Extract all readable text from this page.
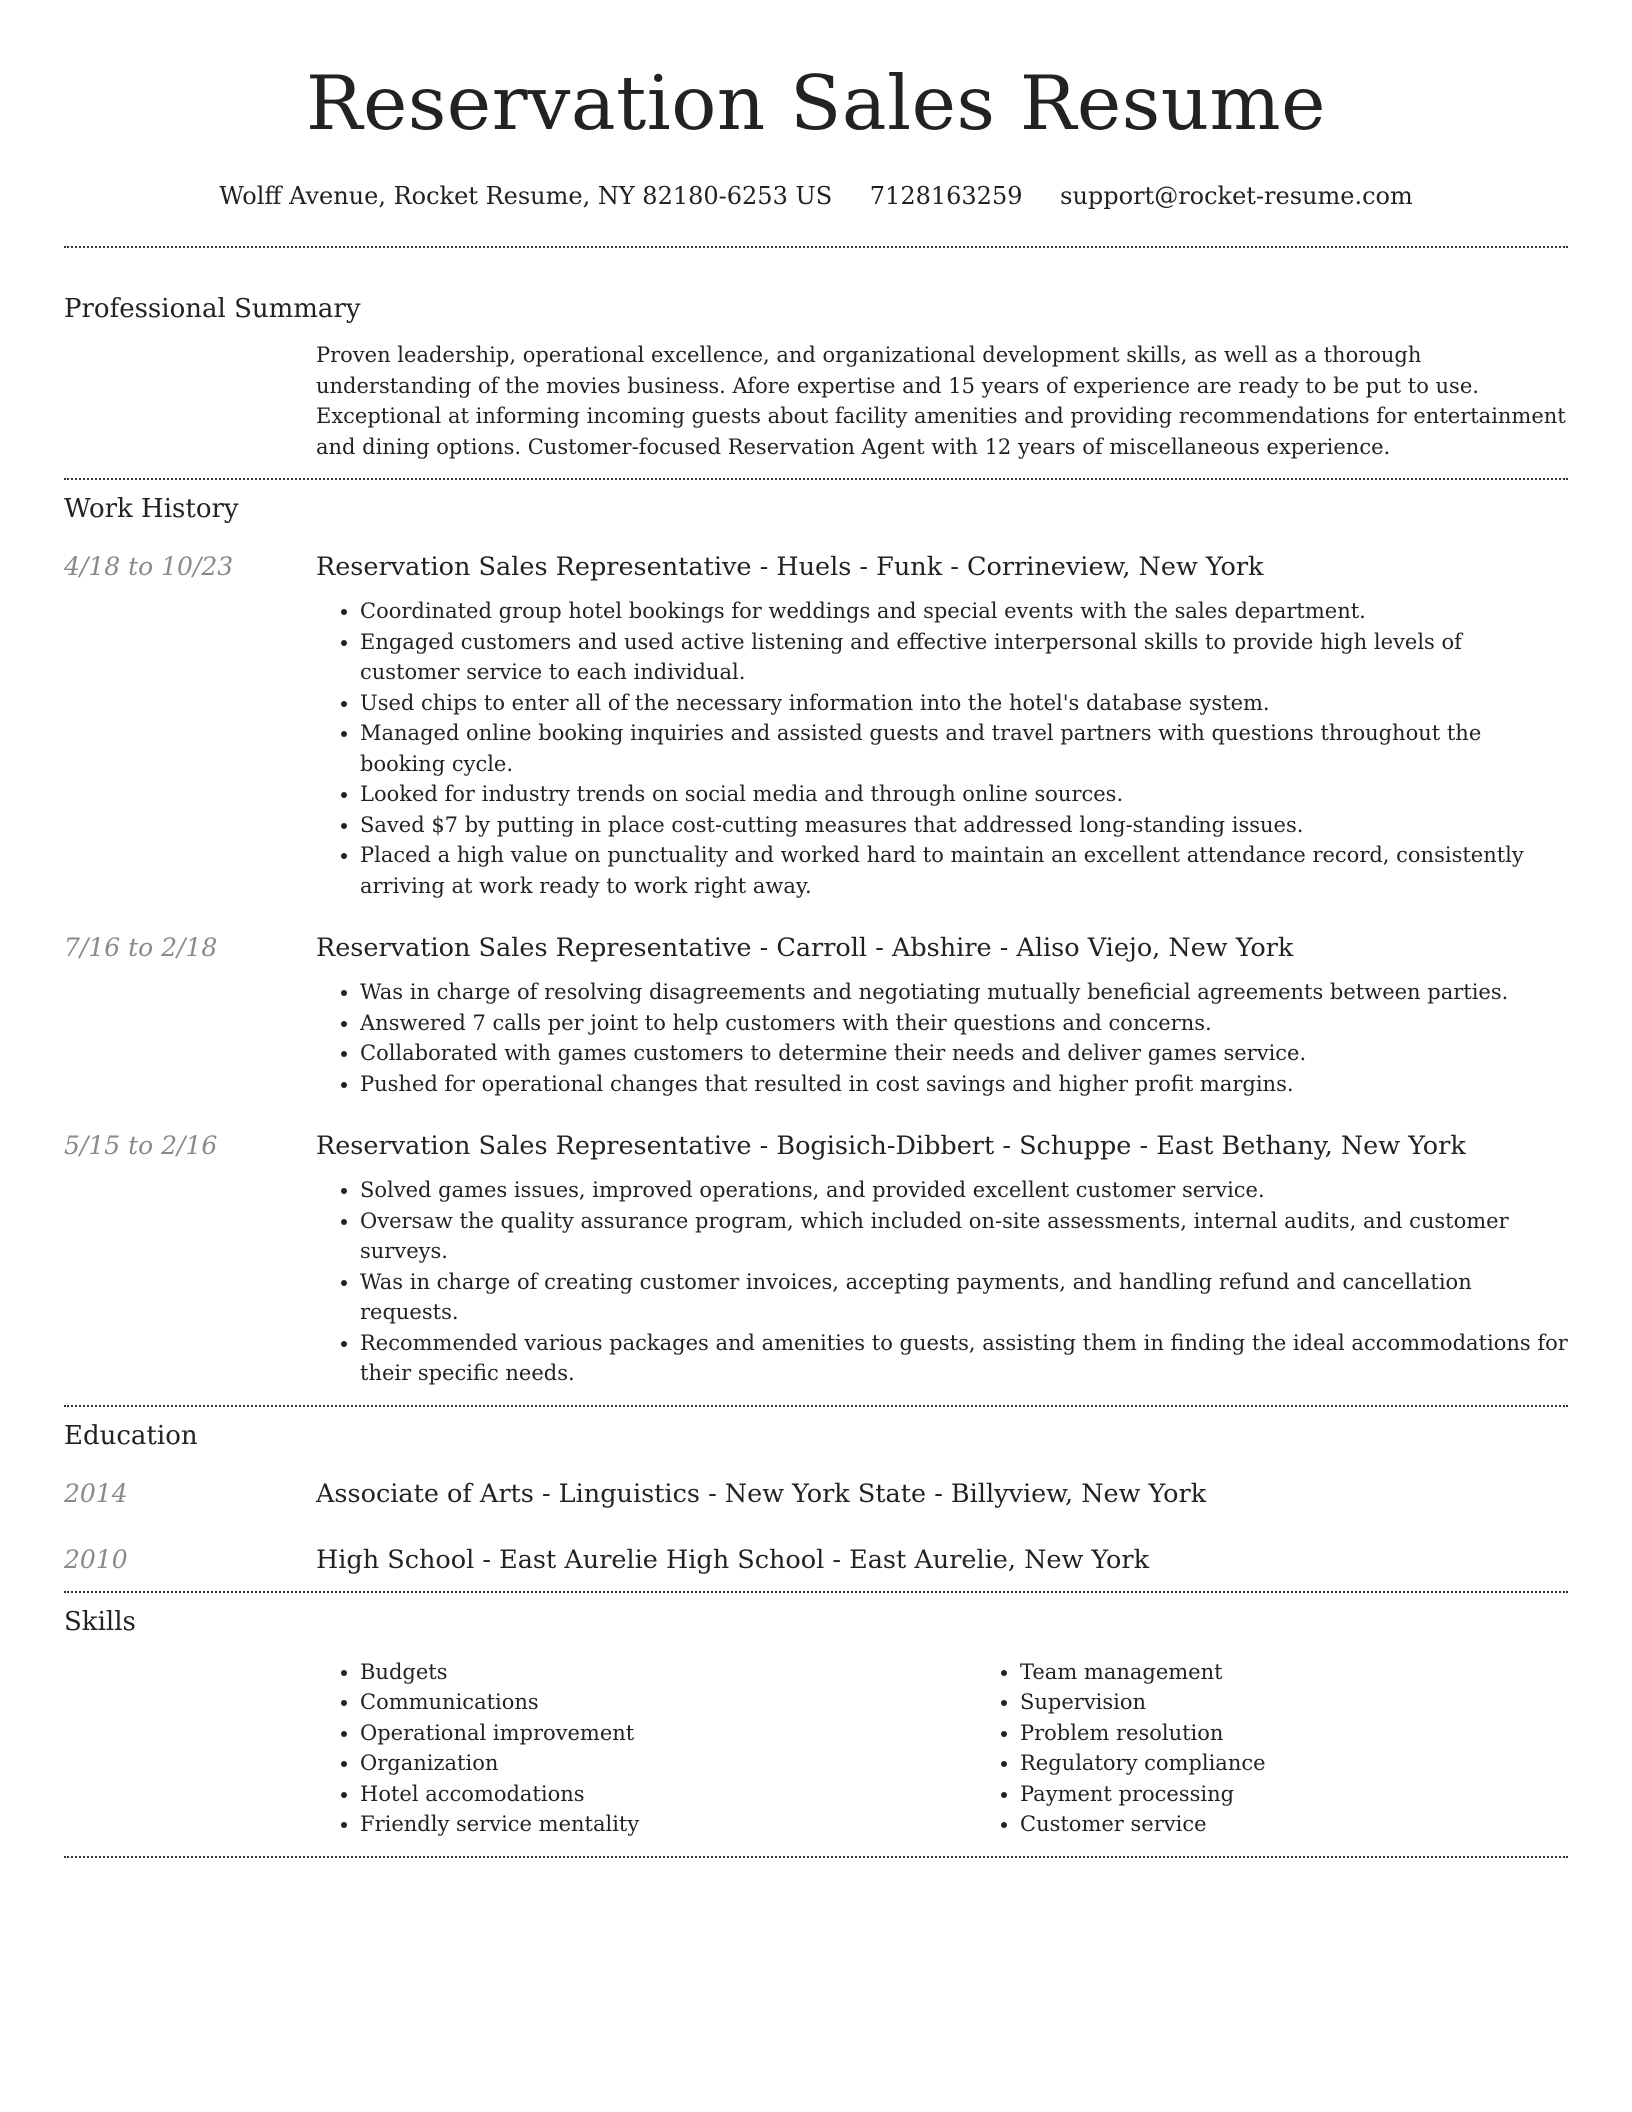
Reservation Sales Resume
Wolff Avenue, Rocket Resume, NY 82180-6253 US 7128163259 support@rocket-resume.com
Professional Summary

Proven leadership, operational excellence, and organizational development skills, as well as a thorough understanding of the movies business. Afore expertise and 15 years of experience are ready to be put to use. Exceptional at informing incoming guests about facility amenities and providing recommendations for entertainment and dining options. Customer-focused Reservation Agent with 12 years of miscellaneous experience.

Work History
4/18 to 10/23	Reservation Sales Representative - Huels - Funk - Corrineview, New York
• Coordinated group hotel bookings for weddings and special events with the sales department.
• Engaged customers and used active listening and effective interpersonal skills to provide high levels of customer service to each individual.
• Used chips to enter all of the necessary information into the hotel's database system.
• Managed online booking inquiries and assisted guests and travel partners with questions throughout the booking cycle.
• Looked for industry trends on social media and through online sources.
• Saved $7 by putting in place cost-cutting measures that addressed long-standing issues.
• Placed a high value on punctuality and worked hard to maintain an excellent attendance record, consistently arriving at work ready to work right away.
7/16 to 2/18	Reservation Sales Representative - Carroll - Abshire - Aliso Viejo, New York
• Was in charge of resolving disagreements and negotiating mutually beneficial agreements between parties.
• Answered 7 calls per joint to help customers with their questions and concerns.
• Collaborated with games customers to determine their needs and deliver games service.
• Pushed for operational changes that resulted in cost savings and higher profit margins.
5/15 to 2/16	Reservation Sales Representative - Bogisich-Dibbert - Schuppe - East Bethany, New York
• Solved games issues, improved operations, and provided excellent customer service.
• Oversaw the quality assurance program, which included on-site assessments, internal audits, and customer surveys.
• Was in charge of creating customer invoices, accepting payments, and handling refund and cancellation requests.
• Recommended various packages and amenities to guests, assisting them in finding the ideal accommodations for their specific needs.
Education
2014	Associate of Arts - Linguistics - New York State - Billyview, New York
2010	High School - East Aurelie High School - East Aurelie, New York
Skills
• Budgets
• Communications
• Operational improvement
• Organization
• Hotel accomodations
• Friendly service mentality
• Team management
• Supervision
• Problem resolution
• Regulatory compliance
• Payment processing
• Customer service
